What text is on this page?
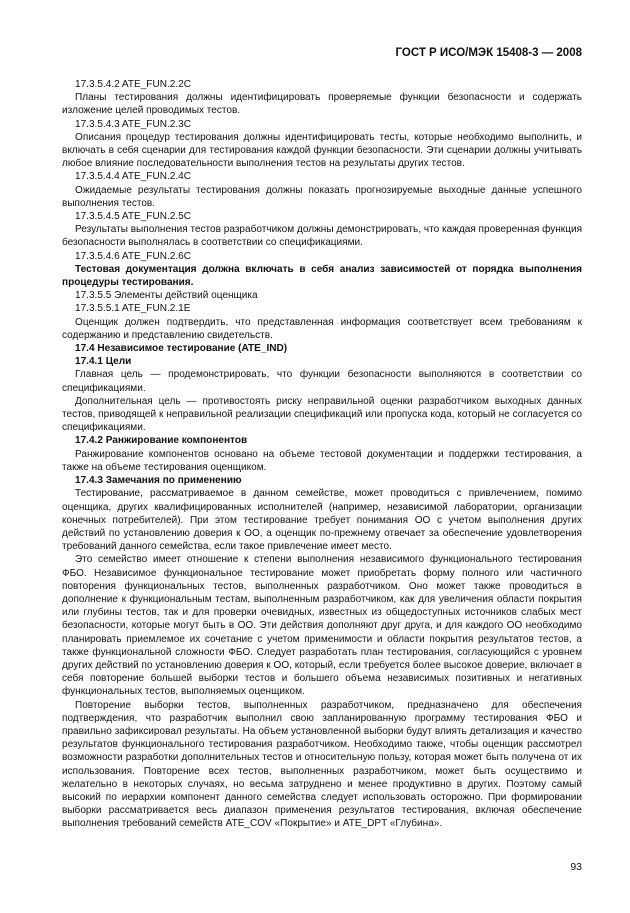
ГОСТ Р ИСО/МЭК 15408-3 — 2008

17.3.5.4.2 ATE_FUN.2.2C

Планы тестирования должны идентифицировать проверяемые функции безопасности и содержать изложение целей проводимых тестов.

17.3.5.4.3 ATE_FUN.2.3C

Описания процедур тестирования должны идентифицировать тесты, которые необходимо выполнить, и включать в себя сценарии для тестирования каждой функции безопасности. Эти сценарии должны учитывать любое влияние последовательности выполнения тестов на результаты других тестов.

17.3.5.4.4 ATE_FUN.2.4C

Ожидаемые результаты тестирования должны показать прогнозируемые выходные данные успешного выполнения тестов.

17.3.5.4.5 ATE_FUN.2.5C

Результаты выполнения тестов разработчиком должны демонстрировать, что каждая проверенная функция безопасности выполнялась в соответствии со спецификациями.

17.3.5.4.6 ATE_FUN.2.6C

Тестовая документация должна включать в себя анализ зависимостей от порядка выполнения процедуры тестирования.

17.3.5.5 Элементы действий оценщика

17.3.5.5.1 ATE_FUN.2.1E

Оценщик должен подтвердить, что представленная информация соответствует всем требованиям к содержанию и представлению свидетельств.

17.4 Независимое тестирование (ATE_IND)

17.4.1 Цели

Главная цель — продемонстрировать, что функции безопасности выполняются в соответствии со спецификациями.

Дополнительная цель — противостоять риску неправильной оценки разработчиком выходных данных тестов, приводящей к неправильной реализации спецификаций или пропуска кода, который не согласуется со спецификациями.

17.4.2 Ранжирование компонентов

Ранжирование компонентов основано на объеме тестовой документации и поддержки тестирования, а также на объеме тестирования оценщиком.

17.4.3 Замечания по применению

Тестирование, рассматриваемое в данном семействе, может проводиться с привлечением, помимо оценщика, других квалифицированных исполнителей (например, независимой лаборатории, организации конечных потребителей). При этом тестирование требует понимания ОО с учетом выполнения других действий по установлению доверия к ОО, а оценщик по-прежнему отвечает за обеспечение удовлетворения требований данного семейства, если такое привлечение имеет место.

Это семейство имеет отношение к степени выполнения независимого функционального тестирования ФБО. Независимое функциональное тестирование может приобретать форму полного или частичного повторения функциональных тестов, выполненных разработчиком. Оно может также проводиться в дополнение к функциональным тестам, выполненным разработчиком, как для увеличения области покрытия или глубины тестов, так и для проверки очевидных, известных из общедоступных источников слабых мест безопасности, которые могут быть в ОО. Эти действия дополняют друг друга, и для каждого ОО необходимо планировать приемлемое их сочетание с учетом применимости и области покрытия результатов тестов, а также функциональной сложности ФБО. Следует разработать план тестирования, согласующийся с уровнем других действий по установлению доверия к ОО, который, если требуется более высокое доверие, включает в себя повторение большей выборки тестов и большего объема независимых позитивных и негативных функциональных тестов, выполняемых оценщиком.

Повторение выборки тестов, выполненных разработчиком, предназначено для обеспечения подтверждения, что разработчик выполнил свою запланированную программу тестирования ФБО и правильно зафиксировал результаты. На объем установленной выборки будут влиять детализация и качество результатов функционального тестирования разработчиком. Необходимо также, чтобы оценщик рассмотрел возможности разработки дополнительных тестов и относительную пользу, которая может быть получена от их использования. Повторение всех тестов, выполненных разработчиком, может быть осуществимо и желательно в некоторых случаях, но весьма затруднено и менее продуктивно в других. Поэтому самый высокий по иерархии компонент данного семейства следует использовать осторожно. При формировании выборки рассматривается весь диапазон применения результатов тестирования, включая обеспечение выполнения требований семейств ATE_COV «Покрытие» и ATE_DPT «Глубина».

93
